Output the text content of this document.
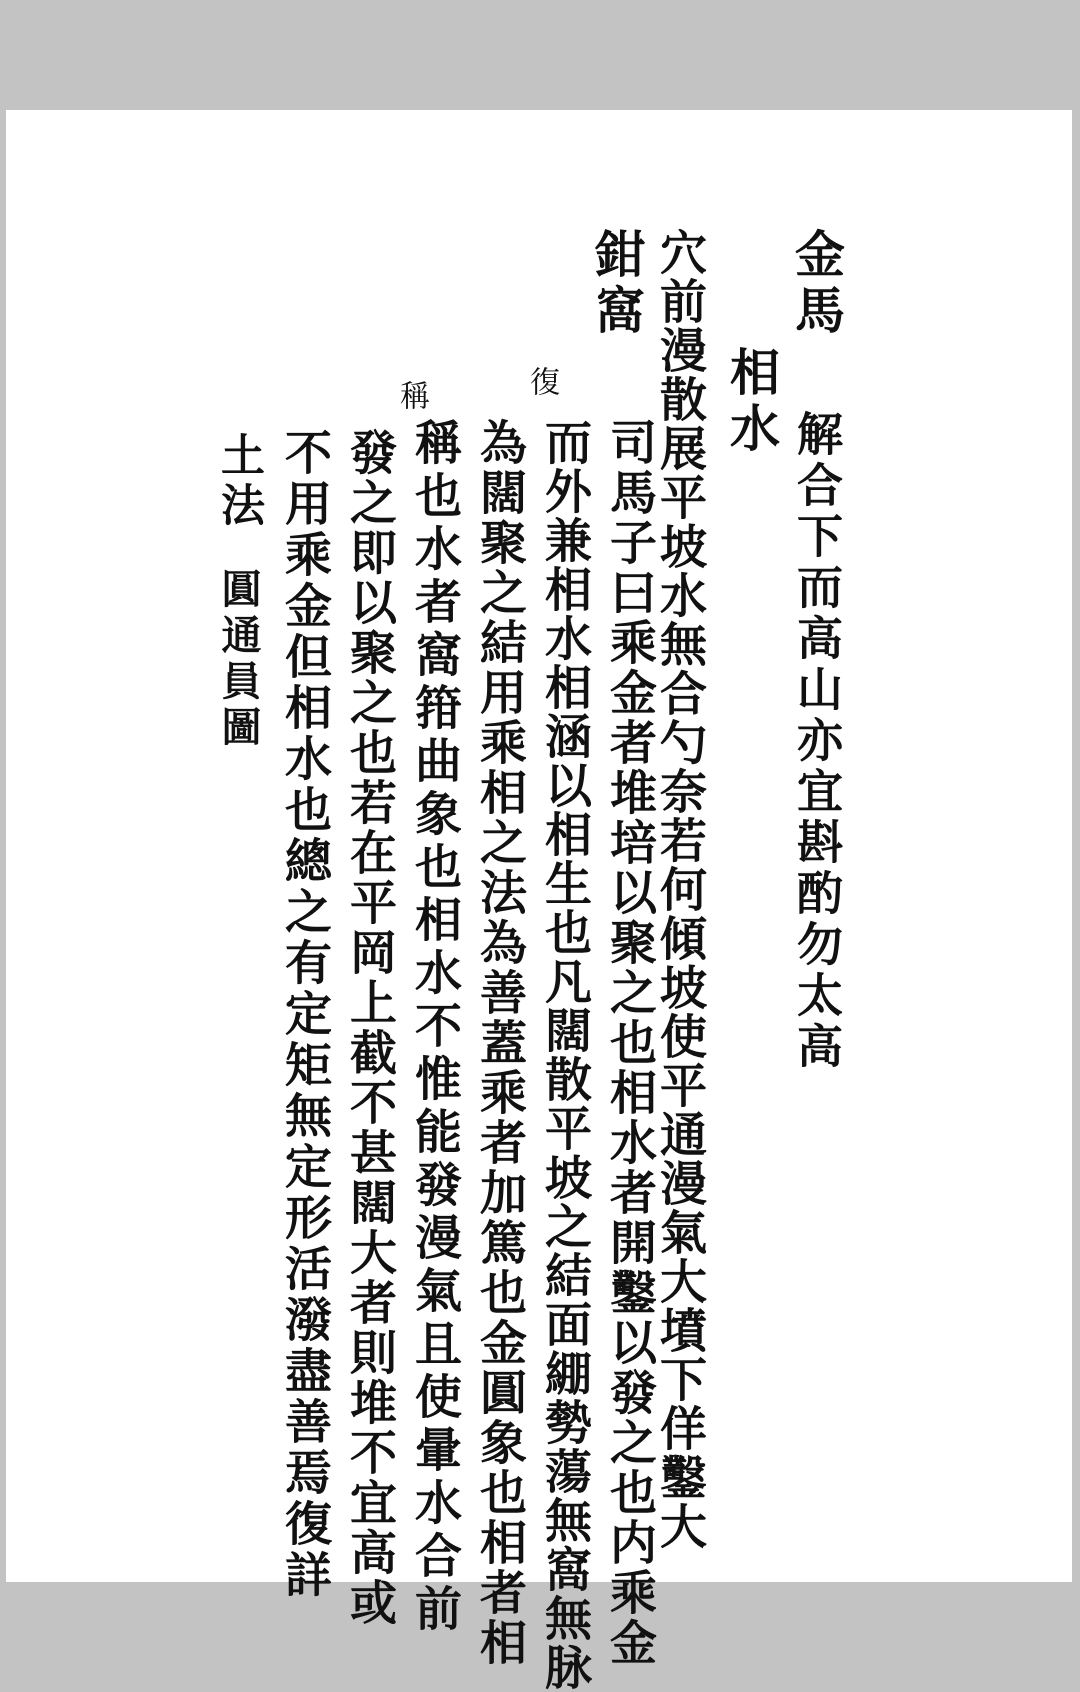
金馬
解合下而高山亦宜斟酌勿太高
穴前漫散展平坡水無合勺奈若何傾坡使平通漫氣大墳下佯鑿大
鉗窩
相水
復
稱
司馬子曰乘金者堆培以聚之也相水者開鑿以發之也内乘金
而外兼相水相涵以相生也凡闊散平坡之結面綳勢蕩無窩無脉
為闊聚之結用乘相之法為善蓋乘者加篤也金圓象也相者相
稱也水者窩箝曲象也相水不惟能發漫氣且使暈水合前
發之即以聚之也若在平岡上截不甚闊大者則堆不宜高或
不用乘金但相水也總之有定矩無定形活潑盡善焉復詳
土法
圓通員圖
